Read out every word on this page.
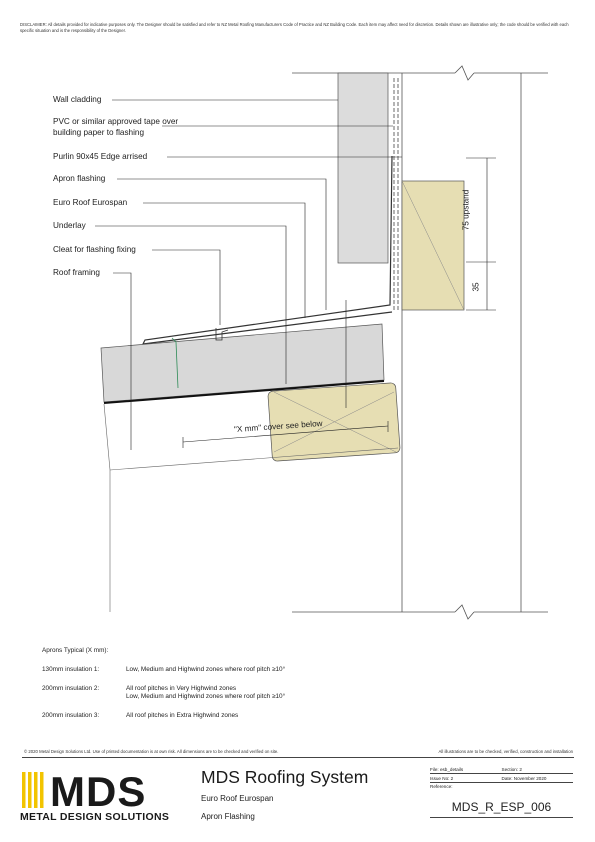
DISCLAIMER: All details provided for indicative purposes only. The Designer should be satisfied and refer to NZ Metal Roofing Manufacturers Code of Practice and NZ Building Code. Each item may affect need for discretion. Details shown are illustrative only; the code should be verified with each specific situation and is the responsibility of the Designer.
Wall cladding
PVC or similar approved tape over
building paper to flashing
Purlin 90x45 Edge arrised
Apron flashing
Euro Roof Eurospan
Underlay
Cleat for flashing fixing
Roof framing
75 upstand
35
"X mm" cover see below
Aprons Typical (X mm):
130mm insulation 1:	Low, Medium and Highwind zones where roof pitch ≥10°
200mm insulation 2:	All roof pitches in Very Highwind zones
Low, Medium and Highwind zones where roof pitch ≥10°
200mm insulation 3:	All roof pitches in Extra Highwind zones
© 2020 Metal Design Solutions Ltd. Use of printed documentation is at own risk. All dimensions are to be checked and verified on site.	All illustrations are to be checked, verified, construction and installation
MDS
METAL DESIGN SOLUTIONS
MDS Roofing System
Euro Roof Eurospan
Apron Flashing
File: esb_details	Section: 2
Issue No: 2	Date: November 2020
Reference:
MDS_R_ESP_006
